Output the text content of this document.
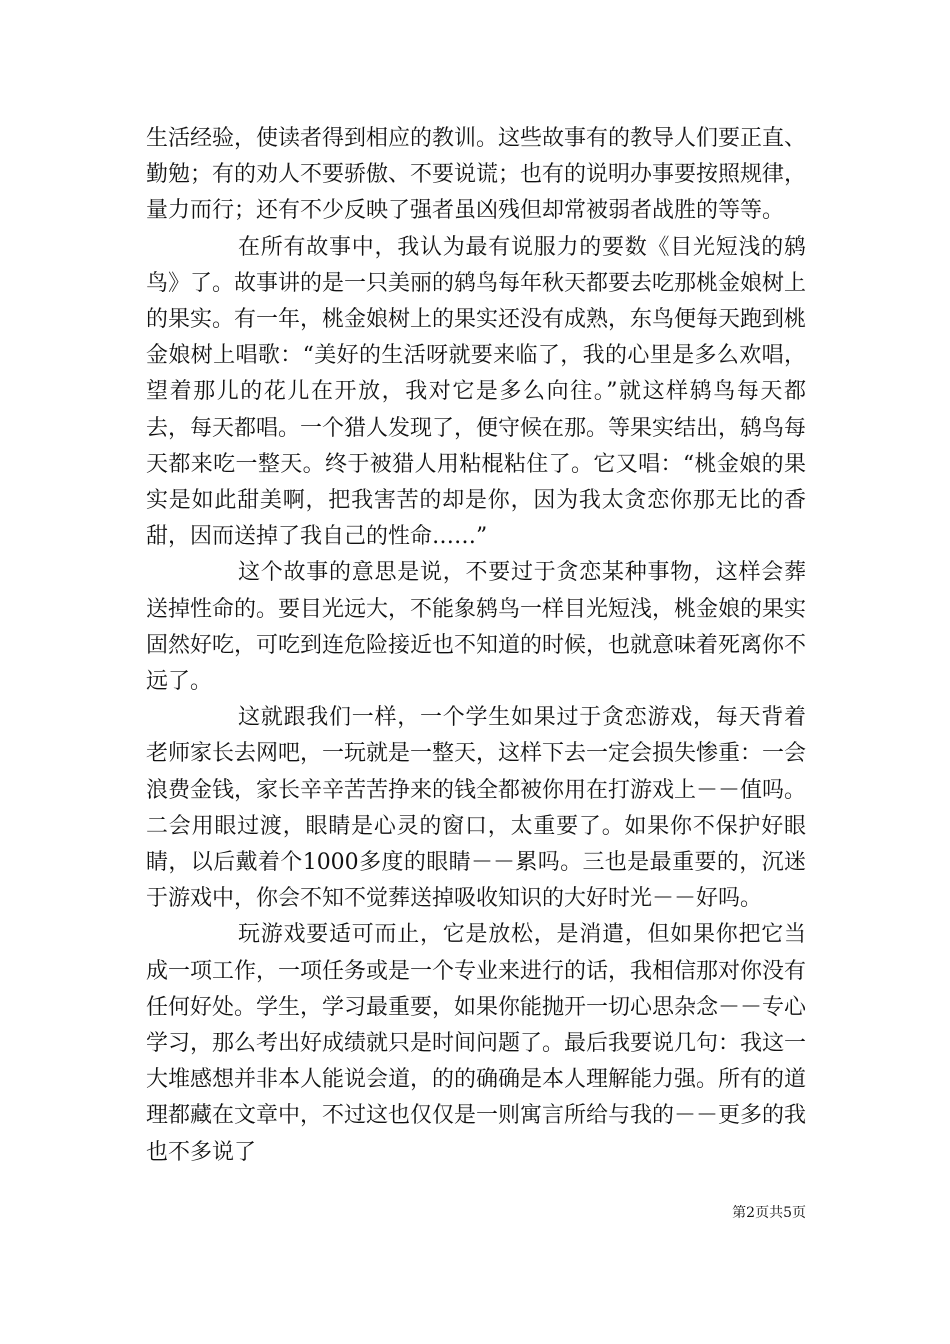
生活经验，使读者得到相应的教训。这些故事有的教导人们要正直、勤勉；有的劝人不要骄傲、不要说谎；也有的说明办事要按照规律，量力而行；还有不少反映了强者虽凶残但却常被弱者战胜的等等。

在所有故事中，我认为最有说服力的要数《目光短浅的鸫鸟》了。故事讲的是一只美丽的鸫鸟每年秋天都要去吃那桃金娘树上的果实。有一年，桃金娘树上的果实还没有成熟，东鸟便每天跑到桃金娘树上唱歌：“美好的生活呀就要来临了，我的心里是多么欢唱，望着那儿的花儿在开放，我对它是多么向往。”就这样鸫鸟每天都去，每天都唱。一个猎人发现了，便守候在那。等果实结出，鸫鸟每天都来吃一整天。终于被猎人用粘棍粘住了。它又唱：“桃金娘的果实是如此甜美啊，把我害苦的却是你，因为我太贪恋你那无比的香甜，因而送掉了我自己的性命……”

这个故事的意思是说，不要过于贪恋某种事物，这样会葬送掉性命的。要目光远大，不能象鸫鸟一样目光短浅，桃金娘的果实固然好吃，可吃到连危险接近也不知道的时候，也就意味着死离你不远了。

这就跟我们一样，一个学生如果过于贪恋游戏，每天背着老师家长去网吧，一玩就是一整天，这样下去一定会损失惨重：一会浪费金钱，家长辛辛苦苦挣来的钱全都被你用在打游戏上－－值吗。二会用眼过渡，眼睛是心灵的窗口，太重要了。如果你不保护好眼睛，以后戴着个1000多度的眼睛－－累吗。三也是最重要的，沉迷于游戏中，你会不知不觉葬送掉吸收知识的大好时光－－好吗。

玩游戏要适可而止，它是放松，是消遣，但如果你把它当成一项工作，一项任务或是一个专业来进行的话，我相信那对你没有任何好处。学生，学习最重要，如果你能抛开一切心思杂念－－专心学习，那么考出好成绩就只是时间问题了。最后我要说几句：我这一大堆感想并非本人能说会道，的的确确是本人理解能力强。所有的道理都藏在文章中，不过这也仅仅是一则寓言所给与我的－－更多的我也不多说了

第2页共5页
